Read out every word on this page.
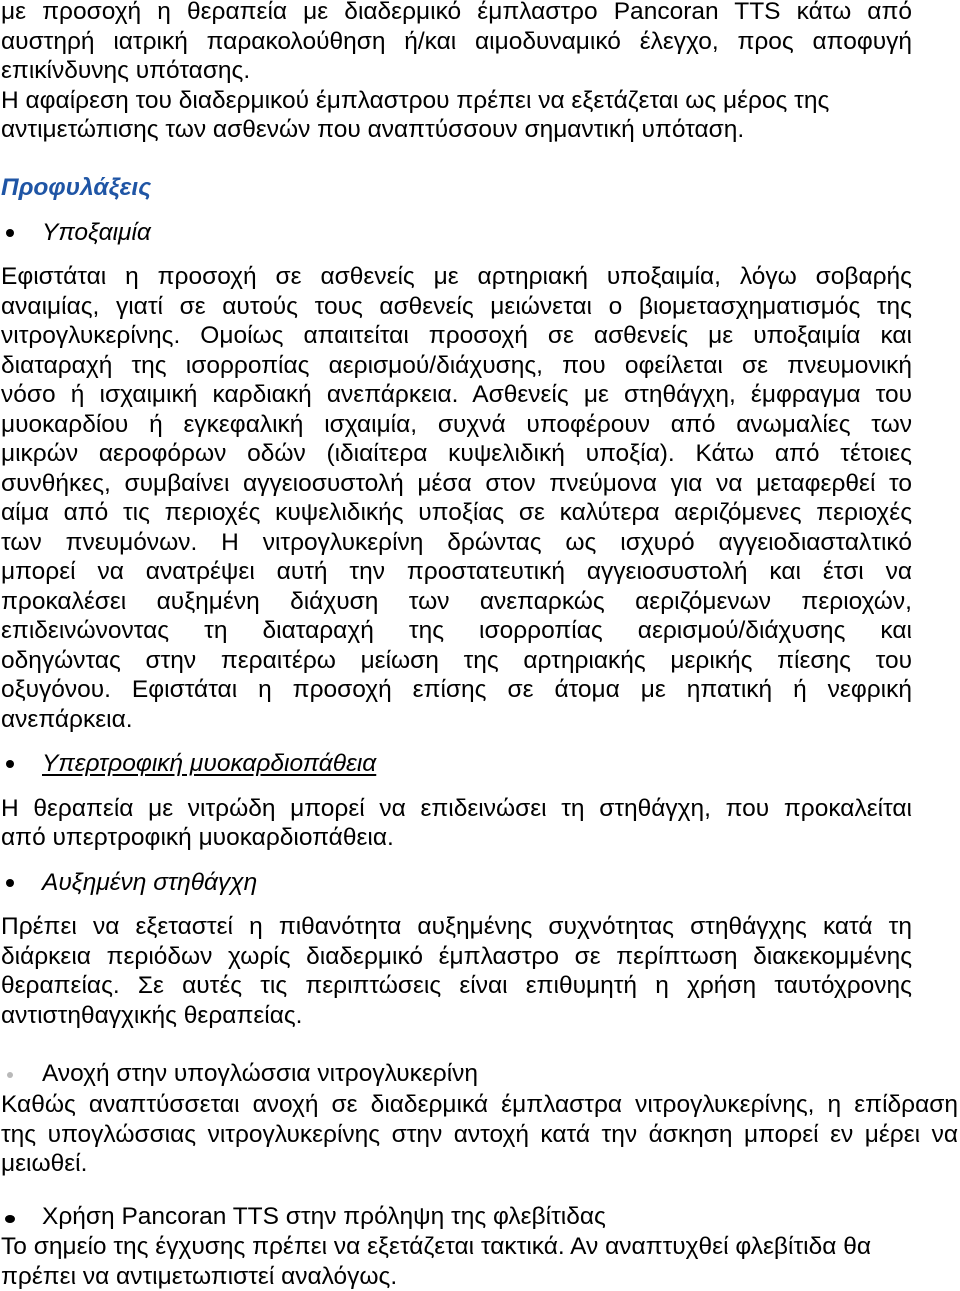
με προσοχή η θεραπεία με διαδερμικό έμπλαστρο Pancoran TTS κάτω από
αυστηρή ιατρική παρακολούθηση ή/και αιμοδυναμικό έλεγχο, προς αποφυγή
επικίνδυνης υπότασης.
Η αφαίρεση του διαδερμικού έμπλαστρου πρέπει να εξετάζεται ως μέρος της
αντιμετώπισης των ασθενών που αναπτύσσουν σημαντική υπόταση.
Προφυλάξεις
Υποξαιμία
Εφιστάται η προσοχή σε ασθενείς με αρτηριακή υποξαιμία, λόγω σοβαρής
αναιμίας, γιατί σε αυτούς τους ασθενείς μειώνεται ο βιομετασχηματισμός της
νιτρογλυκερίνης. Ομοίως απαιτείται προσοχή σε ασθενείς με υποξαιμία και
διαταραχή της ισορροπίας αερισμού/διάχυσης, που οφείλεται σε πνευμονική
νόσο ή ισχαιμική καρδιακή ανεπάρκεια. Ασθενείς με στηθάγχη, έμφραγμα του
μυοκαρδίου ή εγκεφαλική ισχαιμία, συχνά υποφέρουν από ανωμαλίες των
μικρών αεροφόρων οδών (ιδιαίτερα κυψελιδική υποξία). Κάτω από τέτοιες
συνθήκες, συμβαίνει αγγειοσυστολή μέσα στον πνεύμονα για να μεταφερθεί το
αίμα από τις περιοχές κυψελιδικής υποξίας σε καλύτερα αεριζόμενες περιοχές
των πνευμόνων. Η νιτρογλυκερίνη δρώντας ως ισχυρό αγγειοδιασταλτικό
μπορεί να ανατρέψει αυτή την προστατευτική αγγειοσυστολή και έτσι να
προκαλέσει αυξημένη διάχυση των ανεπαρκώς αεριζόμενων περιοχών,
επιδεινώνοντας τη διαταραχή της ισορροπίας αερισμού/διάχυσης και
οδηγώντας στην περαιτέρω μείωση της αρτηριακής μερικής πίεσης του
οξυγόνου. Εφιστάται η προσοχή επίσης σε άτομα με ηπατική ή νεφρική
ανεπάρκεια.
Υπερτροφική μυοκαρδιοπάθεια
Η θεραπεία με νιτρώδη μπορεί να επιδεινώσει τη στηθάγχη, που προκαλείται
από υπερτροφική μυοκαρδιοπάθεια.
Αυξημένη στηθάγχη
Πρέπει να εξεταστεί η πιθανότητα αυξημένης συχνότητας στηθάγχης κατά τη
διάρκεια περιόδων χωρίς διαδερμικό έμπλαστρο σε περίπτωση διακεκομμένης
θεραπείας. Σε αυτές τις περιπτώσεις είναι επιθυμητή η χρήση ταυτόχρονης
αντιστηθαγχικής θεραπείας.
Ανοχή στην υπογλώσσια νιτρογλυκερίνη
Καθώς αναπτύσσεται ανοχή σε διαδερμικά έμπλαστρα νιτρογλυκερίνης, η επίδραση
της υπογλώσσιας νιτρογλυκερίνης στην αντοχή κατά την άσκηση μπορεί εν μέρει να
μειωθεί.
Χρήση Pancoran TTS στην πρόληψη της φλεβίτιδας
Το σημείο της έγχυσης πρέπει να εξετάζεται τακτικά. Αν αναπτυχθεί φλεβίτιδα θα
πρέπει να αντιμετωπιστεί αναλόγως.
